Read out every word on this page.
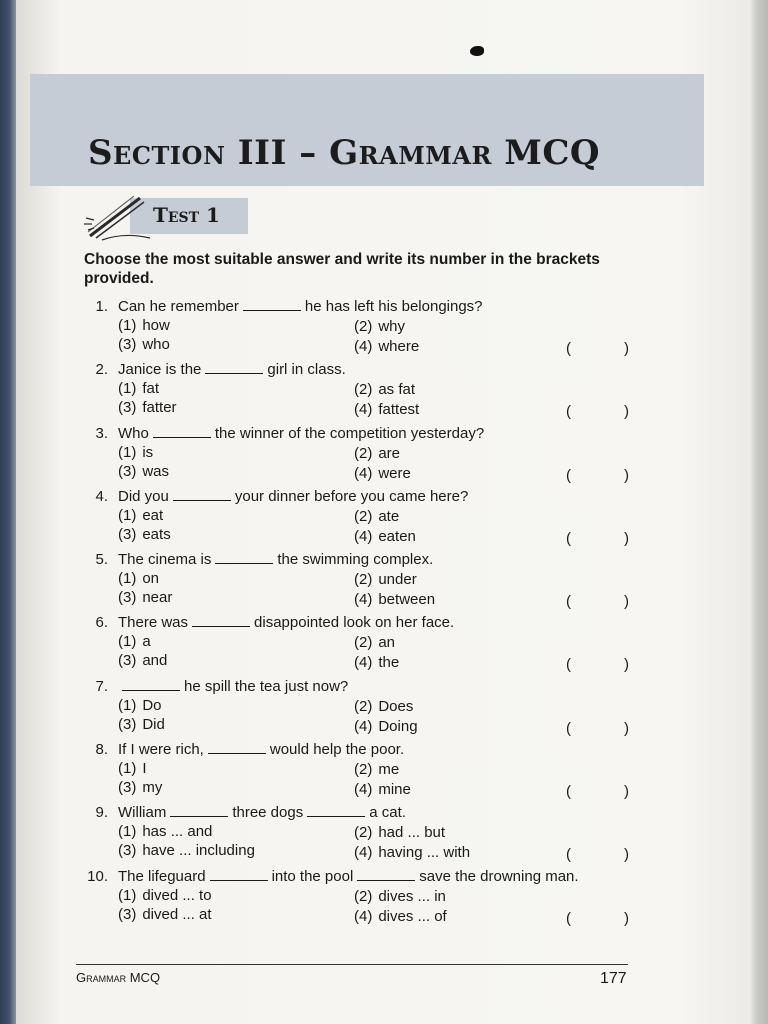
Section III – Grammar MCQ
Test 1

Choose the most suitable answer and write its number in the brackets provided.

1. Can he remember	he has left his belongings?
(1) how	(2) why
(3) who	(4) where	(	)
2. Janice is the	girl in class.
(1) fat	(2) as fat
(3) fatter	(4) fattest	(	)
3. Who	the winner of the competition yesterday?
(1) is	(2) are
(3) was	(4) were	(	)
4. Did you	your dinner before you came here?
(1) eat	(2) ate
(3) eats	(4) eaten	(	)
5. The cinema is	the swimming complex.
(1) on	(2) under
(3) near	(4) between	(	)
6. There was	disappointed look on her face.
(1) a	(2) an
(3) and	(4) the	(	)
7.	he spill the tea just now?
(1) Do	(2) Does
(3) Did	(4) Doing	(	)
8. If I were rich,	would help the poor.
(1) I	(2) me
(3) my	(4) mine	(	)
9. William	three dogs	a cat.
(1) has ... and	(2) had ... but
(3) have ... including	(4) having ... with	(	)
10. The lifeguard	into the pool	save the drowning man.
(1) dived ... to	(2) dives ... in
(3) dived ... at	(4) dives ... of	(	)

Grammar MCQ	177
